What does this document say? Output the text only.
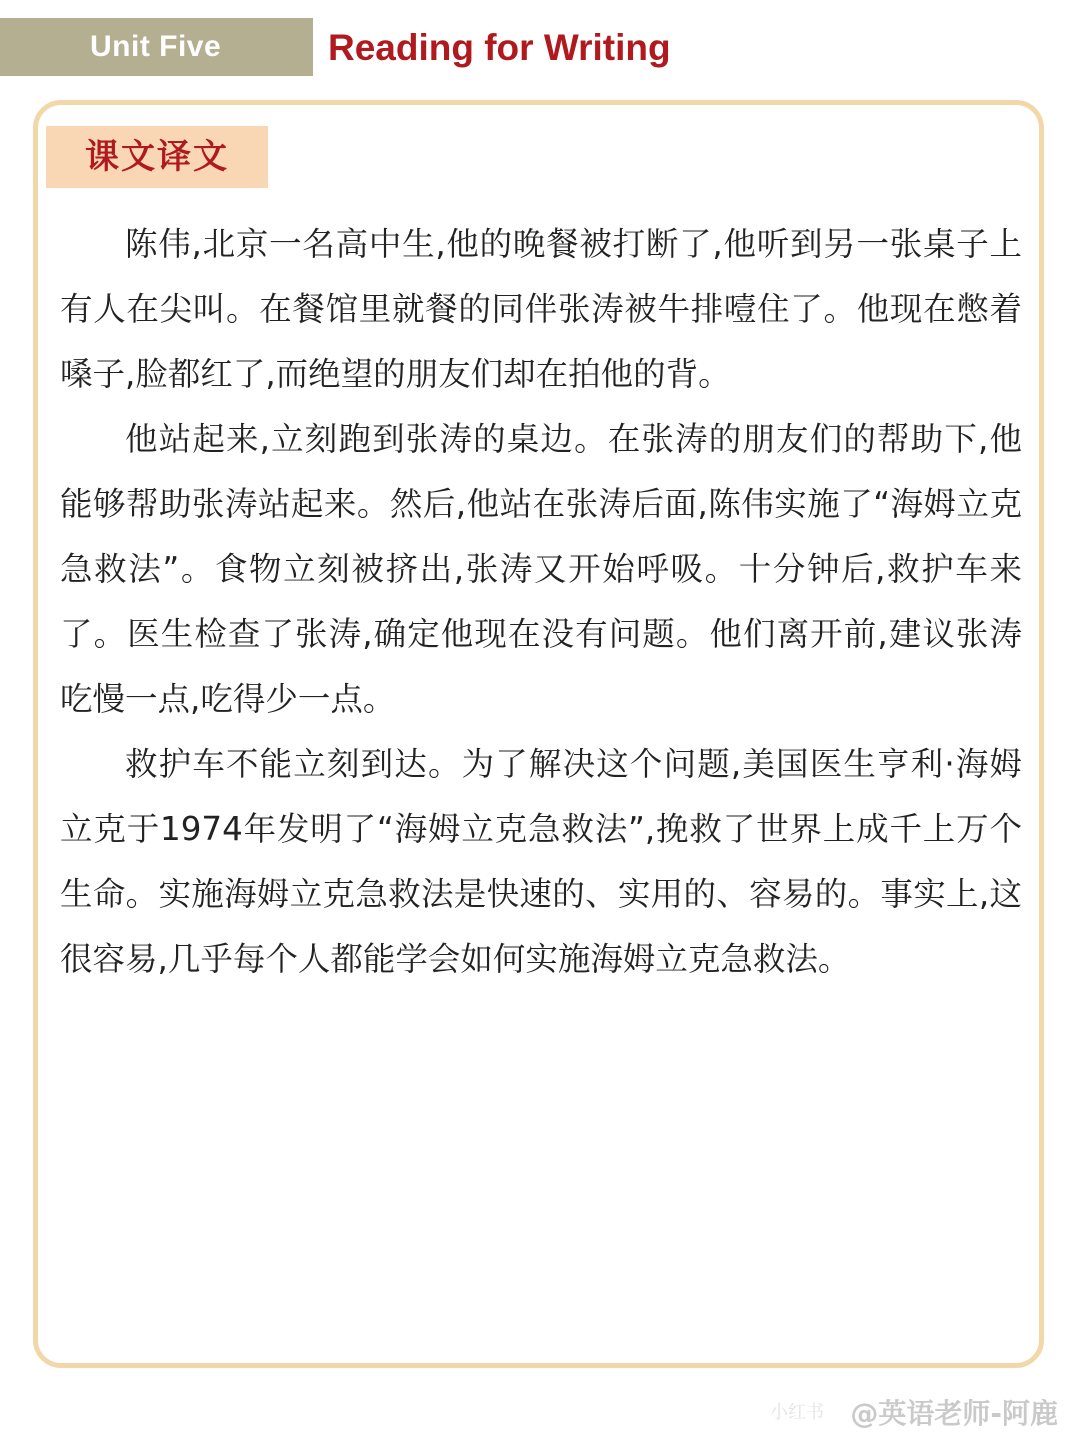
Unit Five	Reading for Writing
课文译文

陈伟,北京一名高中生,他的晚餐被打断了,他听到另一张桌子上有人在尖叫。在餐馆里就餐的同伴张涛被牛排噎住了。他现在憋着嗓子,脸都红了,而绝望的朋友们却在拍他的背。

他站起来,立刻跑到张涛的桌边。在张涛的朋友们的帮助下,他能够帮助张涛站起来。然后,他站在张涛后面,陈伟实施了“海姆立克急救法”。食物立刻被挤出,张涛又开始呼吸。十分钟后,救护车来了。医生检查了张涛,确定他现在没有问题。他们离开前,建议张涛吃慢一点,吃得少一点。

救护车不能立刻到达。为了解决这个问题,美国医生亨利·海姆立克于1974年发明了“海姆立克急救法”,挽救了世界上成千上万个生命。实施海姆立克急救法是快速的、实用的、容易的。事实上,这很容易,几乎每个人都能学会如何实施海姆立克急救法。

小红书 @英语老师-阿鹿
